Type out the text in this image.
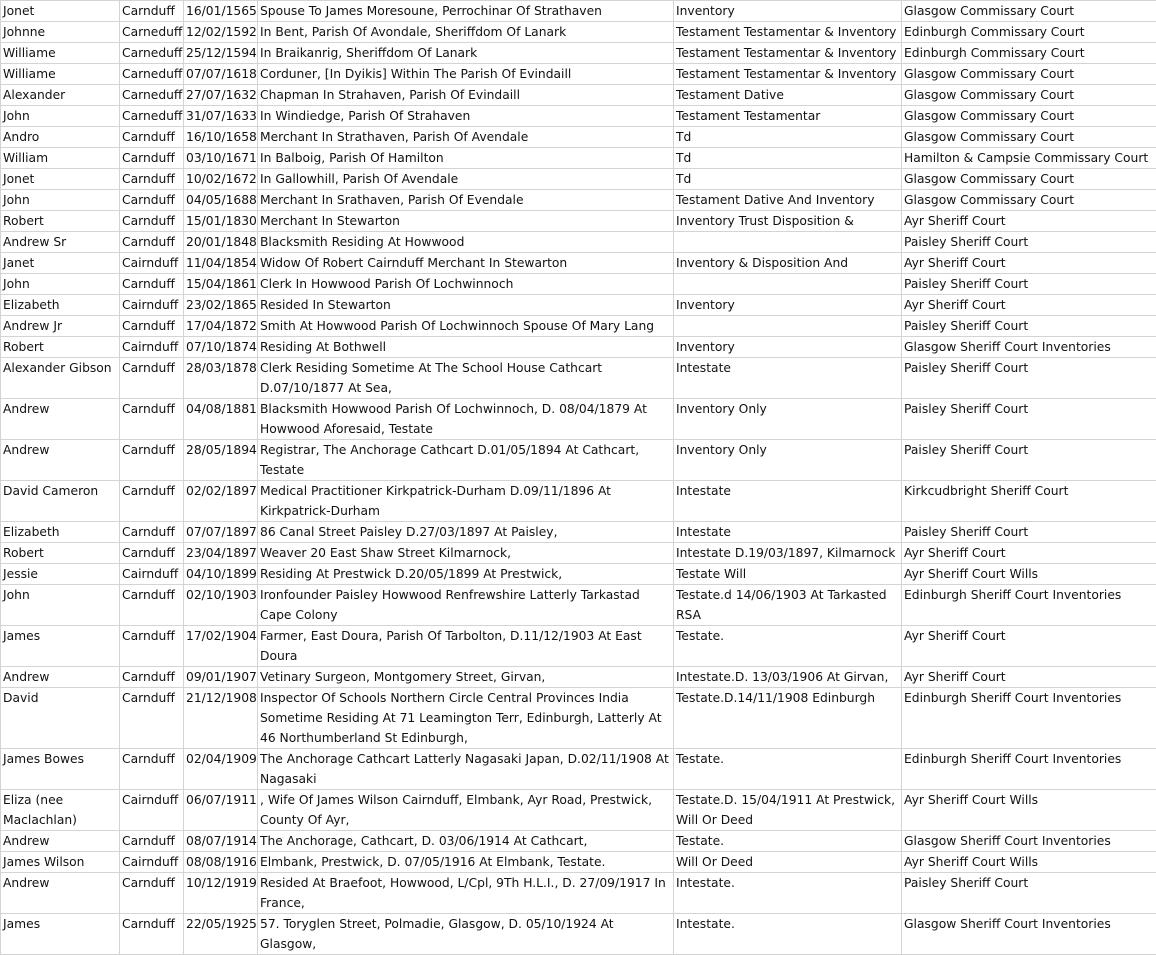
Jonet	Carnduff	16/01/1565	Spouse To James Moresoune, Perrochinar Of Strathaven	Inventory	Glasgow Commissary Court
Johnne	Carneduff	12/02/1592	In Bent, Parish Of Avondale, Sheriffdom Of Lanark	Testament Testamentar & Inventory	Edinburgh Commissary Court
Williame	Carneduff	25/12/1594	In Braikanrig, Sheriffdom Of Lanark	Testament Testamentar & Inventory	Edinburgh Commissary Court
Williame	Carneduff	07/07/1618	Corduner, [In Dyikis] Within The Parish Of Evindaill	Testament Testamentar & Inventory	Glasgow Commissary Court
Alexander	Carneduff	27/07/1632	Chapman In Strahaven, Parish Of Evindaill	Testament Dative	Glasgow Commissary Court
John	Carneduff	31/07/1633	In Windiedge, Parish Of Strahaven	Testament Testamentar	Glasgow Commissary Court
Andro	Carnduff	16/10/1658	Merchant In Strathaven, Parish Of Avendale	Td	Glasgow Commissary Court
William	Carnduff	03/10/1671	In Balboig, Parish Of Hamilton	Td	Hamilton & Campsie Commissary Court
Jonet	Carnduff	10/02/1672	In Gallowhill, Parish Of Avendale	Td	Glasgow Commissary Court
John	Carnduff	04/05/1688	Merchant In Srathaven, Parish Of Evendale	Testament Dative And Inventory	Glasgow Commissary Court
Robert	Carnduff	15/01/1830	Merchant In Stewarton	Inventory Trust Disposition &	Ayr Sheriff Court
Andrew Sr	Carnduff	20/01/1848	Blacksmith Residing At Howwood		Paisley Sheriff Court
Janet	Cairnduff	11/04/1854	Widow Of Robert Cairnduff Merchant In Stewarton	Inventory & Disposition And	Ayr Sheriff Court
John	Carnduff	15/04/1861	Clerk In Howwood Parish Of Lochwinnoch		Paisley Sheriff Court
Elizabeth	Cairnduff	23/02/1865	Resided In Stewarton	Inventory	Ayr Sheriff Court
Andrew Jr	Carnduff	17/04/1872	Smith At Howwood Parish Of Lochwinnoch Spouse Of Mary Lang		Paisley Sheriff Court
Robert	Cairnduff	07/10/1874	Residing At Bothwell	Inventory	Glasgow Sheriff Court Inventories
Alexander Gibson	Carnduff	28/03/1878	Clerk Residing Sometime At The School House Cathcart D.07/10/1877 At Sea,	Intestate	Paisley Sheriff Court
Andrew	Carnduff	04/08/1881	Blacksmith Howwood Parish Of Lochwinnoch, D. 08/04/1879 At Howwood Aforesaid, Testate	Inventory Only	Paisley Sheriff Court
Andrew	Carnduff	28/05/1894	Registrar, The Anchorage Cathcart D.01/05/1894 At Cathcart, Testate	Inventory Only	Paisley Sheriff Court
David Cameron	Carnduff	02/02/1897	Medical Practitioner Kirkpatrick-Durham D.09/11/1896 At Kirkpatrick-Durham	Intestate	Kirkcudbright Sheriff Court
Elizabeth	Carnduff	07/07/1897	86 Canal Street Paisley D.27/03/1897 At Paisley,	Intestate	Paisley Sheriff Court
Robert	Carnduff	23/04/1897	Weaver 20 East Shaw Street Kilmarnock,	Intestate D.19/03/1897, Kilmarnock	Ayr Sheriff Court
Jessie	Cairnduff	04/10/1899	Residing At Prestwick D.20/05/1899 At Prestwick,	Testate Will	Ayr Sheriff Court Wills
John	Carnduff	02/10/1903	Ironfounder Paisley Howwood Renfrewshire Latterly Tarkastad Cape Colony	Testate.d 14/06/1903 At Tarkasted RSA	Edinburgh Sheriff Court Inventories
James	Carnduff	17/02/1904	Farmer, East Doura, Parish Of Tarbolton, D.11/12/1903 At East Doura	Testate.	Ayr Sheriff Court
Andrew	Carnduff	09/01/1907	Vetinary Surgeon, Montgomery Street, Girvan,	Intestate.D. 13/03/1906 At Girvan,	Ayr Sheriff Court
David	Carnduff	21/12/1908	Inspector Of Schools Northern Circle Central Provinces India Sometime Residing At 71 Leamington Terr, Edinburgh, Latterly At 46 Northumberland St Edinburgh,	Testate.D.14/11/1908 Edinburgh	Edinburgh Sheriff Court Inventories
James Bowes	Carnduff	02/04/1909	The Anchorage Cathcart Latterly Nagasaki Japan, D.02/11/1908 At Nagasaki	Testate.	Edinburgh Sheriff Court Inventories
Eliza (nee Maclachlan)	Cairnduff	06/07/1911	, Wife Of James Wilson Cairnduff, Elmbank, Ayr Road, Prestwick, County Of Ayr,	Testate.D. 15/04/1911 At Prestwick, Will Or Deed	Ayr Sheriff Court Wills
Andrew	Carnduff	08/07/1914	The Anchorage, Cathcart, D. 03/06/1914 At Cathcart,	Testate.	Glasgow Sheriff Court Inventories
James Wilson	Cairnduff	08/08/1916	Elmbank, Prestwick, D. 07/05/1916 At Elmbank, Testate.	Will Or Deed	Ayr Sheriff Court Wills
Andrew	Carnduff	10/12/1919	Resided At Braefoot, Howwood, L/Cpl, 9Th H.L.I., D. 27/09/1917 In France,	Intestate.	Paisley Sheriff Court
James	Carnduff	22/05/1925	57. Toryglen Street, Polmadie, Glasgow, D. 05/10/1924 At Glasgow,	Intestate.	Glasgow Sheriff Court Inventories
